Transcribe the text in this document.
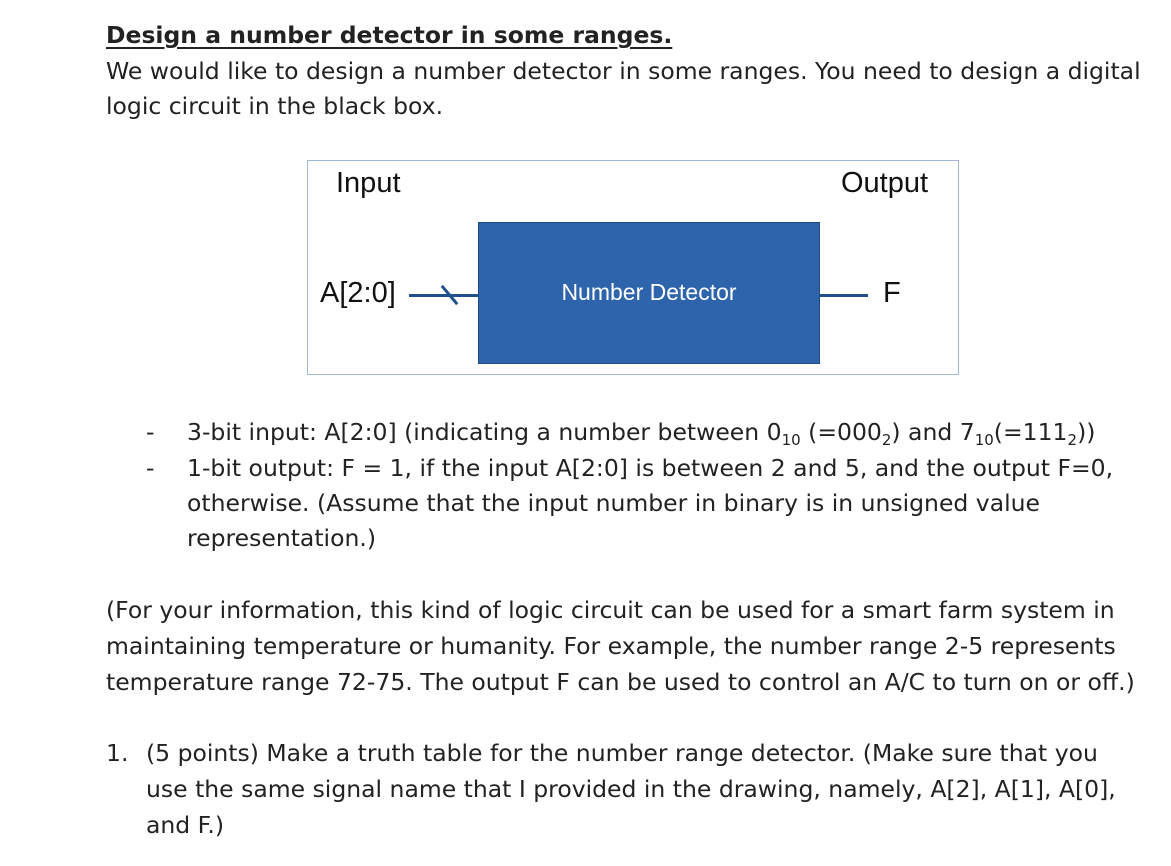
Design a number detector in some ranges.
We would like to design a number detector in some ranges. You need to design a digital
logic circuit in the black box.
Input	Output
A[2:0]	Number Detector	F
- 3-bit input: A[2:0] (indicating a number between $0_{10}$ $(=000_2)$ and $7_{10}(=111_2)$)
- 1-bit output: F = 1, if the input A[2:0] is between 2 and 5, and the output F=0,
otherwise. (Assume that the input number in binary is in unsigned value
representation.)
(For your information, this kind of logic circuit can be used for a smart farm system in
maintaining temperature or humanity. For example, the number range 2-5 represents
temperature range 72-75. The output F can be used to control an A/C to turn on or off.)
1. (5 points) Make a truth table for the number range detector. (Make sure that you
use the same signal name that I provided in the drawing, namely, A[2], A[1], A[0],
and F.)
